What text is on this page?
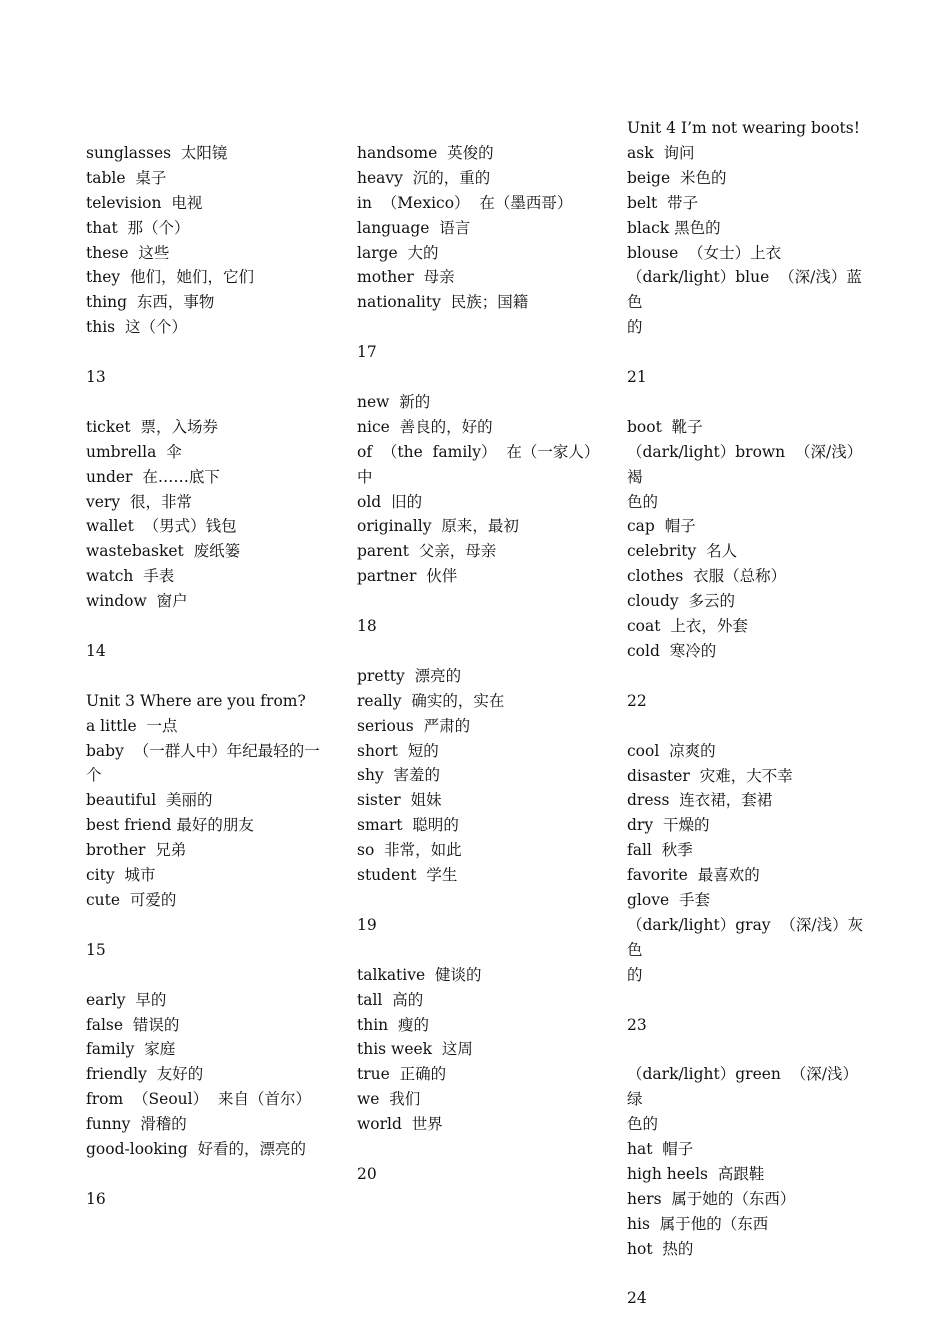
sunglasses  太阳镜
table  桌子
television  电视
that  那（个）
these  这些
they  他们，她们，它们
thing  东西，事物
this  这（个）
13
ticket  票，入场券
umbrella  伞
under  在……底下
very  很，非常
wallet  （男式）钱包
wastebasket  废纸篓
watch  手表
window  窗户
14
Unit 3 Where are you from?
a little  一点
baby  （一群人中）年纪最轻的一
个
beautiful  美丽的
best friend 最好的朋友
brother  兄弟
city  城市
cute  可爱的
15
early  早的
false  错误的
family  家庭
friendly  友好的
from  （Seoul）  来自（首尔）
funny  滑稽的
good-looking  好看的，漂亮的
16
handsome  英俊的
heavy  沉的，重的
in  （Mexico）  在（墨西哥）
language  语言
large  大的
mother  母亲
nationality  民族；国籍
17
new  新的
nice  善良的，好的
of  （the  family）  在（一家人）
中
old  旧的
originally  原来，最初
parent  父亲，母亲
partner  伙伴
18
pretty  漂亮的
really  确实的，实在
serious  严肃的
short  短的
shy  害羞的
sister  姐妹
smart  聪明的
so  非常，如此
student  学生
19
talkative  健谈的
tall  高的
thin  瘦的
this week  这周
true  正确的
we  我们
world  世界
20
Unit 4 I’m not wearing boots!
ask  询问
beige  米色的
belt  带子
black 黑色的
blouse  （女士）上衣
（dark/light）blue  （深/浅）蓝色
的
21
boot  靴子
（dark/light）brown  （深/浅）褐
色的
cap  帽子
celebrity  名人
clothes  衣服（总称）
cloudy  多云的
coat  上衣，外套
cold  寒冷的
22
cool  凉爽的
disaster  灾难，大不幸
dress  连衣裙，套裙
dry  干燥的
fall  秋季
favorite  最喜欢的
glove  手套
（dark/light）gray  （深/浅）灰色
的
23
（dark/light）green  （深/浅）绿
色的
hat  帽子
high heels  高跟鞋
hers  属于她的（东西）
his  属于他的（东西
hot  热的
24
